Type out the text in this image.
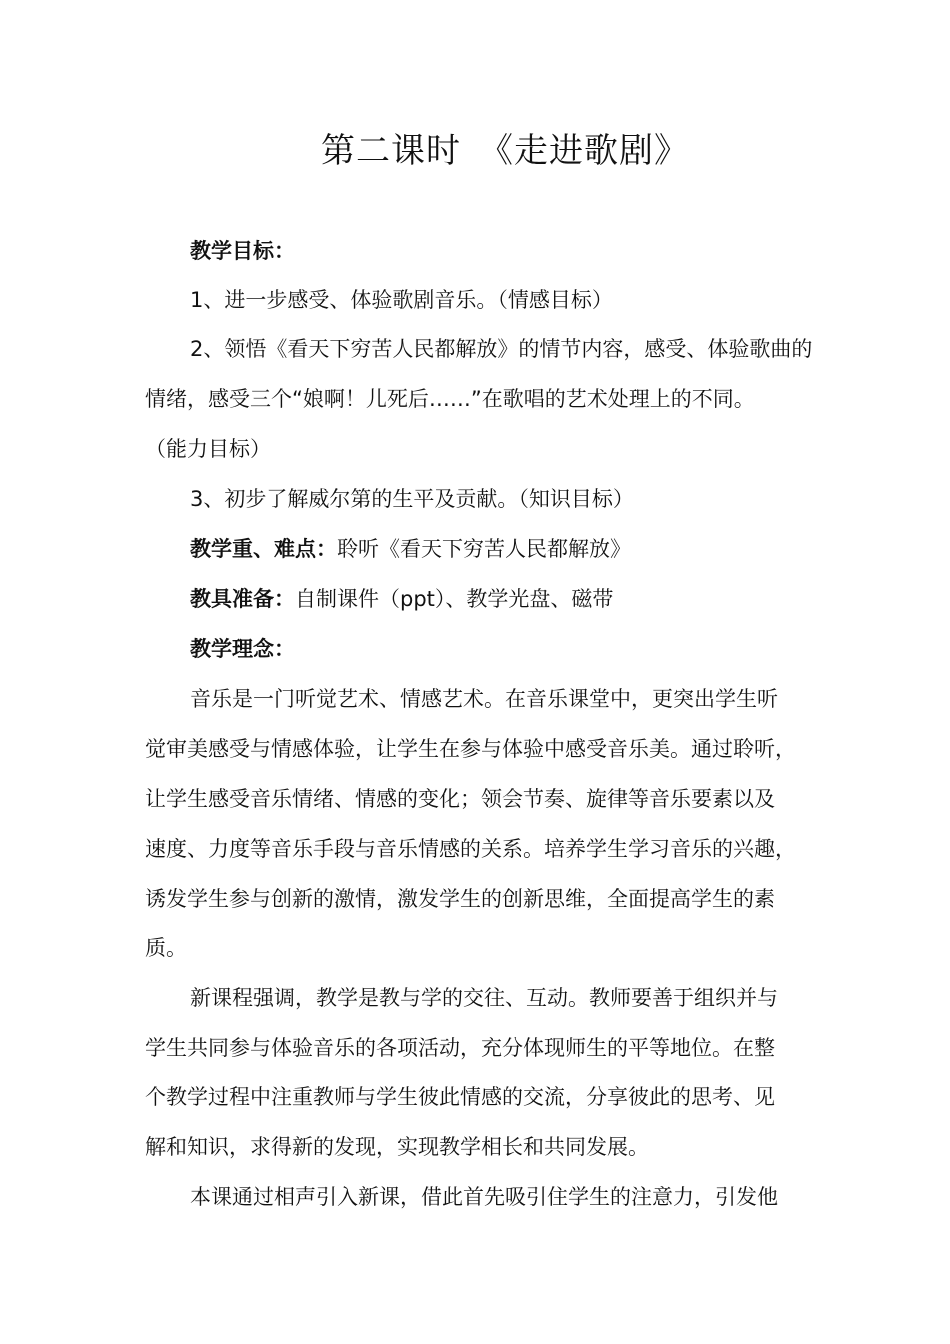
第二课时　《走进歌剧》
教学目标：
1、进一步感受、体验歌剧音乐。（情感目标）
2、领悟《看天下穷苦人民都解放》的情节内容，感受、体验歌曲的
情绪，感受三个“娘啊！儿死后……”在歌唱的艺术处理上的不同。
（能力目标）
3、初步了解威尔第的生平及贡献。（知识目标）
教学重、难点：聆听《看天下穷苦人民都解放》
教具准备：自制课件（ppt）、教学光盘、磁带
教学理念：
音乐是一门听觉艺术、情感艺术。在音乐课堂中，更突出学生听
觉审美感受与情感体验，让学生在参与体验中感受音乐美。通过聆听，
让学生感受音乐情绪、情感的变化；领会节奏、旋律等音乐要素以及
速度、力度等音乐手段与音乐情感的关系。培养学生学习音乐的兴趣，
诱发学生参与创新的激情，激发学生的创新思维，全面提高学生的素
质。
新课程强调，教学是教与学的交往、互动。教师要善于组织并与
学生共同参与体验音乐的各项活动，充分体现师生的平等地位。在整
个教学过程中注重教师与学生彼此情感的交流，分享彼此的思考、见
解和知识，求得新的发现，实现教学相长和共同发展。
本课通过相声引入新课，借此首先吸引住学生的注意力，引发他
